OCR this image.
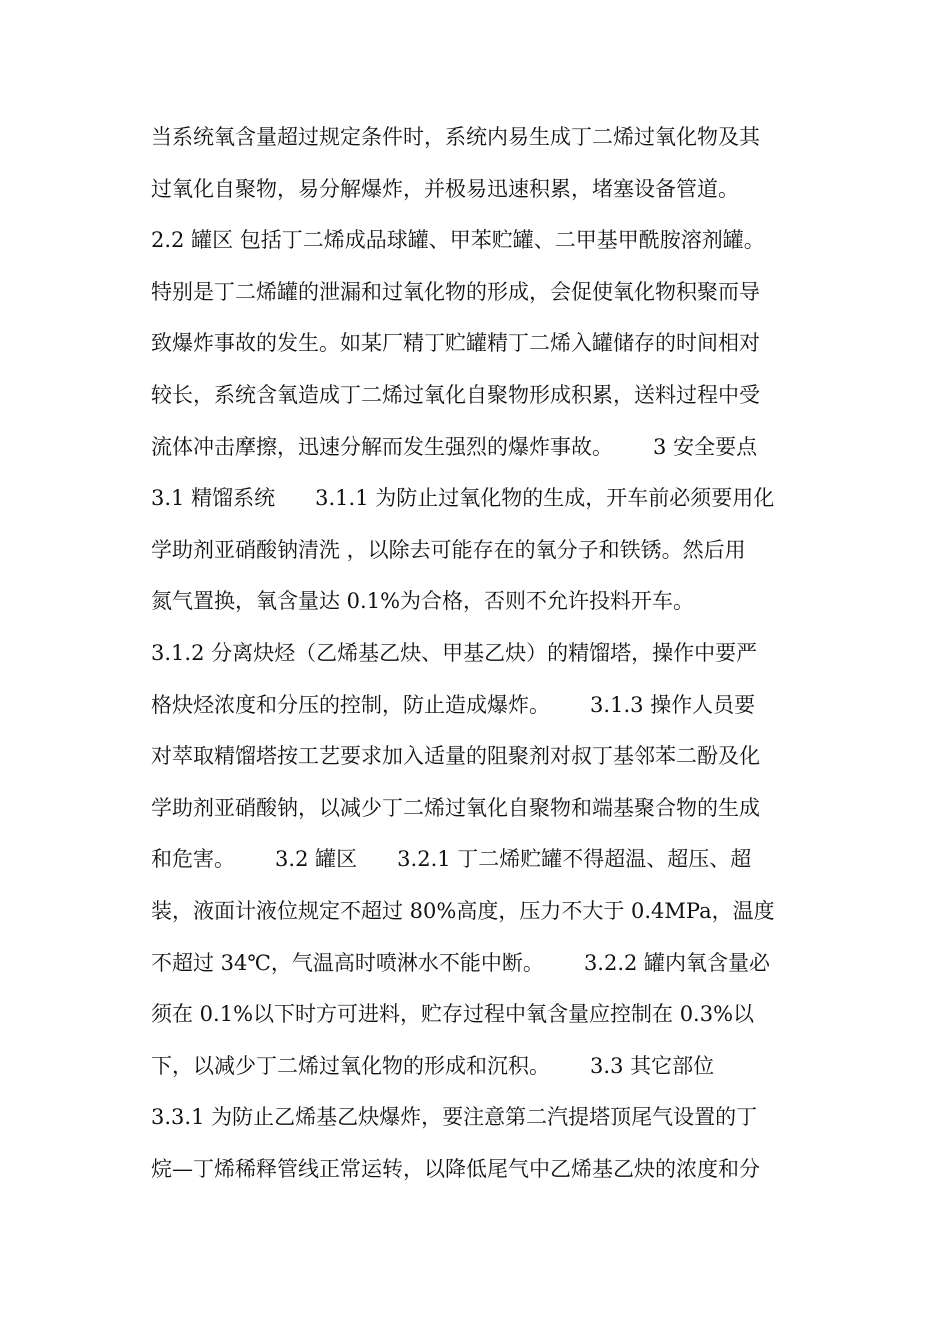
当系统氧含量超过规定条件时，系统内易生成丁二烯过氧化物及其
过氧化自聚物，易分解爆炸，并极易迅速积累，堵塞设备管道。
2.2 罐区 包括丁二烯成品球罐、甲苯贮罐、二甲基甲酰胺溶剂罐。
特别是丁二烯罐的泄漏和过氧化物的形成，会促使氧化物积聚而导
致爆炸事故的发生。如某厂精丁贮罐精丁二烯入罐储存的时间相对
较长，系统含氧造成丁二烯过氧化自聚物形成积累，送料过程中受
流体冲击摩擦，迅速分解而发生强烈的爆炸事故。      3 安全要点
3.1 精馏系统      3.1.1 为防止过氧化物的生成，开车前必须要用化
学助剂亚硝酸钠清洗 ，以除去可能存在的氧分子和铁锈。然后用
氮气置换，氧含量达 0.1%为合格，否则不允许投料开车。
3.1.2 分离炔烃（乙烯基乙炔、甲基乙炔）的精馏塔，操作中要严
格炔烃浓度和分压的控制，防止造成爆炸。      3.1.3 操作人员要
对萃取精馏塔按工艺要求加入适量的阻聚剂对叔丁基邻苯二酚及化
学助剂亚硝酸钠，以减少丁二烯过氧化自聚物和端基聚合物的生成
和危害。      3.2 罐区      3.2.1 丁二烯贮罐不得超温、超压、超
装，液面计液位规定不超过 80%高度，压力不大于 0.4MPa，温度
不超过 34℃，气温高时喷淋水不能中断。      3.2.2 罐内氧含量必
须在 0.1%以下时方可进料，贮存过程中氧含量应控制在 0.3%以
下，以减少丁二烯过氧化物的形成和沉积。      3.3 其它部位
3.3.1 为防止乙烯基乙炔爆炸，要注意第二汽提塔顶尾气设置的丁
烷—丁烯稀释管线正常运转，以降低尾气中乙烯基乙炔的浓度和分
